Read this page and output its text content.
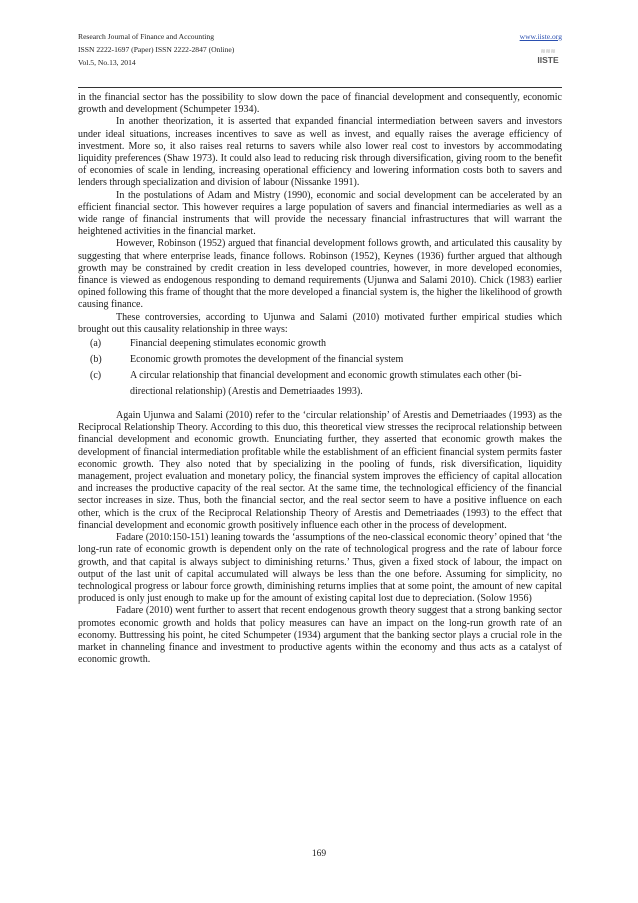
Research Journal of Finance and Accounting
ISSN 2222-1697 (Paper) ISSN 2222-2847 (Online)
Vol.5, No.13, 2014
www.iiste.org
≋≋≋
IISTE

in the financial sector has the possibility to slow down the pace of financial development and consequently, economic growth and development (Schumpeter 1934).

In another theorization, it is asserted that expanded financial intermediation between savers and investors under ideal situations, increases incentives to save as well as invest, and equally raises the average efficiency of investment. More so, it also raises real returns to savers while also lower real cost to investors by accommodating liquidity preferences (Shaw 1973). It could also lead to reducing risk through diversification, giving room to the benefit of economies of scale in lending, increasing operational efficiency and lowering information costs both to savers and lenders through specialization and division of labour (Nissanke 1991).

In the postulations of Adam and Mistry (1990), economic and social development can be accelerated by an efficient financial sector. This however requires a large population of savers and financial intermediaries as well as a wide range of financial instruments that will provide the necessary financial infrastructures that will warrant the heightened activities in the financial market.

However, Robinson (1952) argued that financial development follows growth, and articulated this causality by suggesting that where enterprise leads, finance follows. Robinson (1952), Keynes (1936) further argued that although growth may be constrained by credit creation in less developed countries, however, in more developed economies, finance is viewed as endogenous responding to demand requirements (Ujunwa and Salami 2010). Chick (1983) earlier opined following this frame of thought that the more developed a financial system is, the higher the likelihood of growth causing finance.

These controversies, according to Ujunwa and Salami (2010) motivated further empirical studies which brought out this causality relationship in three ways:

(a)	Financial deepening stimulates economic growth
(b)	Economic growth promotes the development of the financial system
(c)	A circular relationship that financial development and economic growth stimulates each other (bi-directional relationship) (Arestis and Demetriaades 1993).

Again Ujunwa and Salami (2010) refer to the ‘circular relationship’ of Arestis and Demetriaades (1993) as the Reciprocal Relationship Theory. According to this duo, this theoretical view stresses the reciprocal relationship between financial development and economic growth. Enunciating further, they asserted that economic growth makes the development of financial intermediation profitable while the establishment of an efficient financial system permits faster economic growth. They also noted that by specializing in the pooling of funds, risk diversification, liquidity management, project evaluation and monetary policy, the financial system improves the efficiency of capital allocation and increases the productive capacity of the real sector. At the same time, the technological efficiency of the financial sector increases in size. Thus, both the financial sector, and the real sector seem to have a positive influence on each other, which is the crux of the Reciprocal Relationship Theory of Arestis and Demetriaades (1993) to the effect that financial development and economic growth positively influence each other in the process of development.

Fadare (2010:150-151) leaning towards the ‘assumptions of the neo-classical economic theory’ opined that ‘the long-run rate of economic growth is dependent only on the rate of technological progress and the rate of labour force growth, and that capital is always subject to diminishing returns.’ Thus, given a fixed stock of labour, the impact on output of the last unit of capital accumulated will always be less than the one before. Assuming for simplicity, no technological progress or labour force growth, diminishing returns implies that at some point, the amount of new capital produced is only just enough to make up for the amount of existing capital lost due to depreciation. (Solow 1956)

Fadare (2010) went further to assert that recent endogenous growth theory suggest that a strong banking sector promotes economic growth and holds that policy measures can have an impact on the long-run growth rate of an economy. Buttressing his point, he cited Schumpeter (1934) argument that the banking sector plays a crucial role in the market in channeling finance and investment to productive agents within the economy and thus acts as a catalyst of economic growth.

169
